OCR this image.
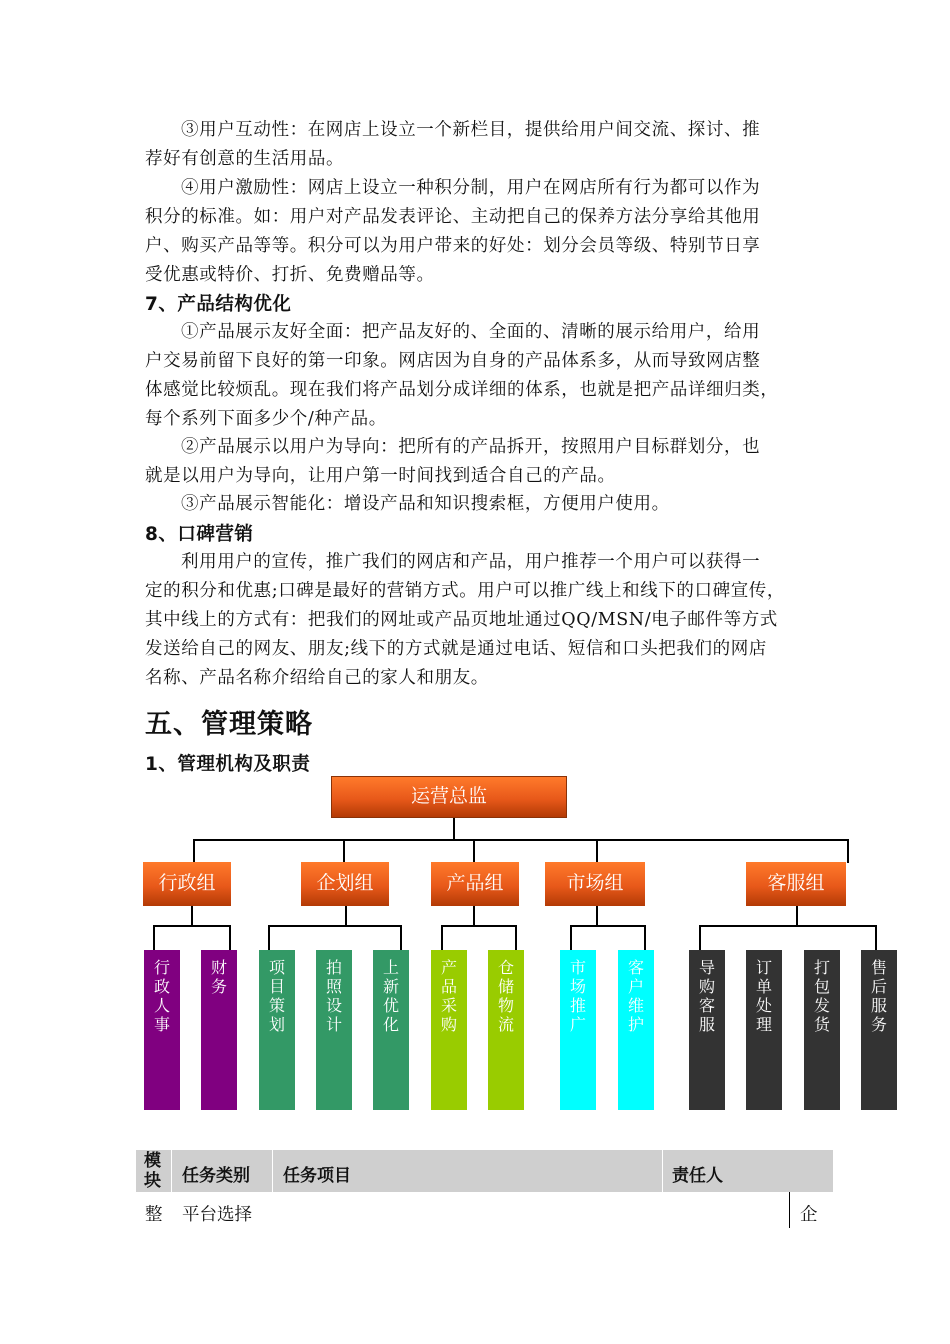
③用户互动性：在网店上设立一个新栏目，提供给用户间交流、探讨、推
荐好有创意的生活用品。
④用户激励性：网店上设立一种积分制，用户在网店所有行为都可以作为
积分的标准。如：用户对产品发表评论、主动把自己的保养方法分享给其他用
户、购买产品等等。积分可以为用户带来的好处：划分会员等级、特别节日享
受优惠或特价、打折、免费赠品等。
7、产品结构优化
①产品展示友好全面：把产品友好的、全面的、清晰的展示给用户，给用
户交易前留下良好的第一印象。网店因为自身的产品体系多，从而导致网店整
体感觉比较烦乱。现在我们将产品划分成详细的体系，也就是把产品详细归类，
每个系列下面多少个/种产品。
②产品展示以用户为导向：把所有的产品拆开，按照用户目标群划分，也
就是以用户为导向，让用户第一时间找到适合自己的产品。
③产品展示智能化：增设产品和知识搜索框，方便用户使用。
8、口碑营销
利用用户的宣传，推广我们的网店和产品，用户推荐一个用户可以获得一
定的积分和优惠;口碑是最好的营销方式。用户可以推广线上和线下的口碑宣传，
其中线上的方式有：把我们的网址或产品页地址通过QQ/MSN/电子邮件等方式
发送给自己的网友、朋友;线下的方式就是通过电话、短信和口头把我们的网店
名称、产品名称介绍给自己的家人和朋友。
五、管理策略
1、管理机构及职责
运营总监
行政组	企划组	产品组	市场组	客服组
行政人事
财务
项目策划
拍照设计
上新优化
产品采购
仓储物流
市场推广
客户维护
导购客服
订单处理
打包发货
售后服务
模块 任务类别 任务项目	责任人
整 平台选择	企
